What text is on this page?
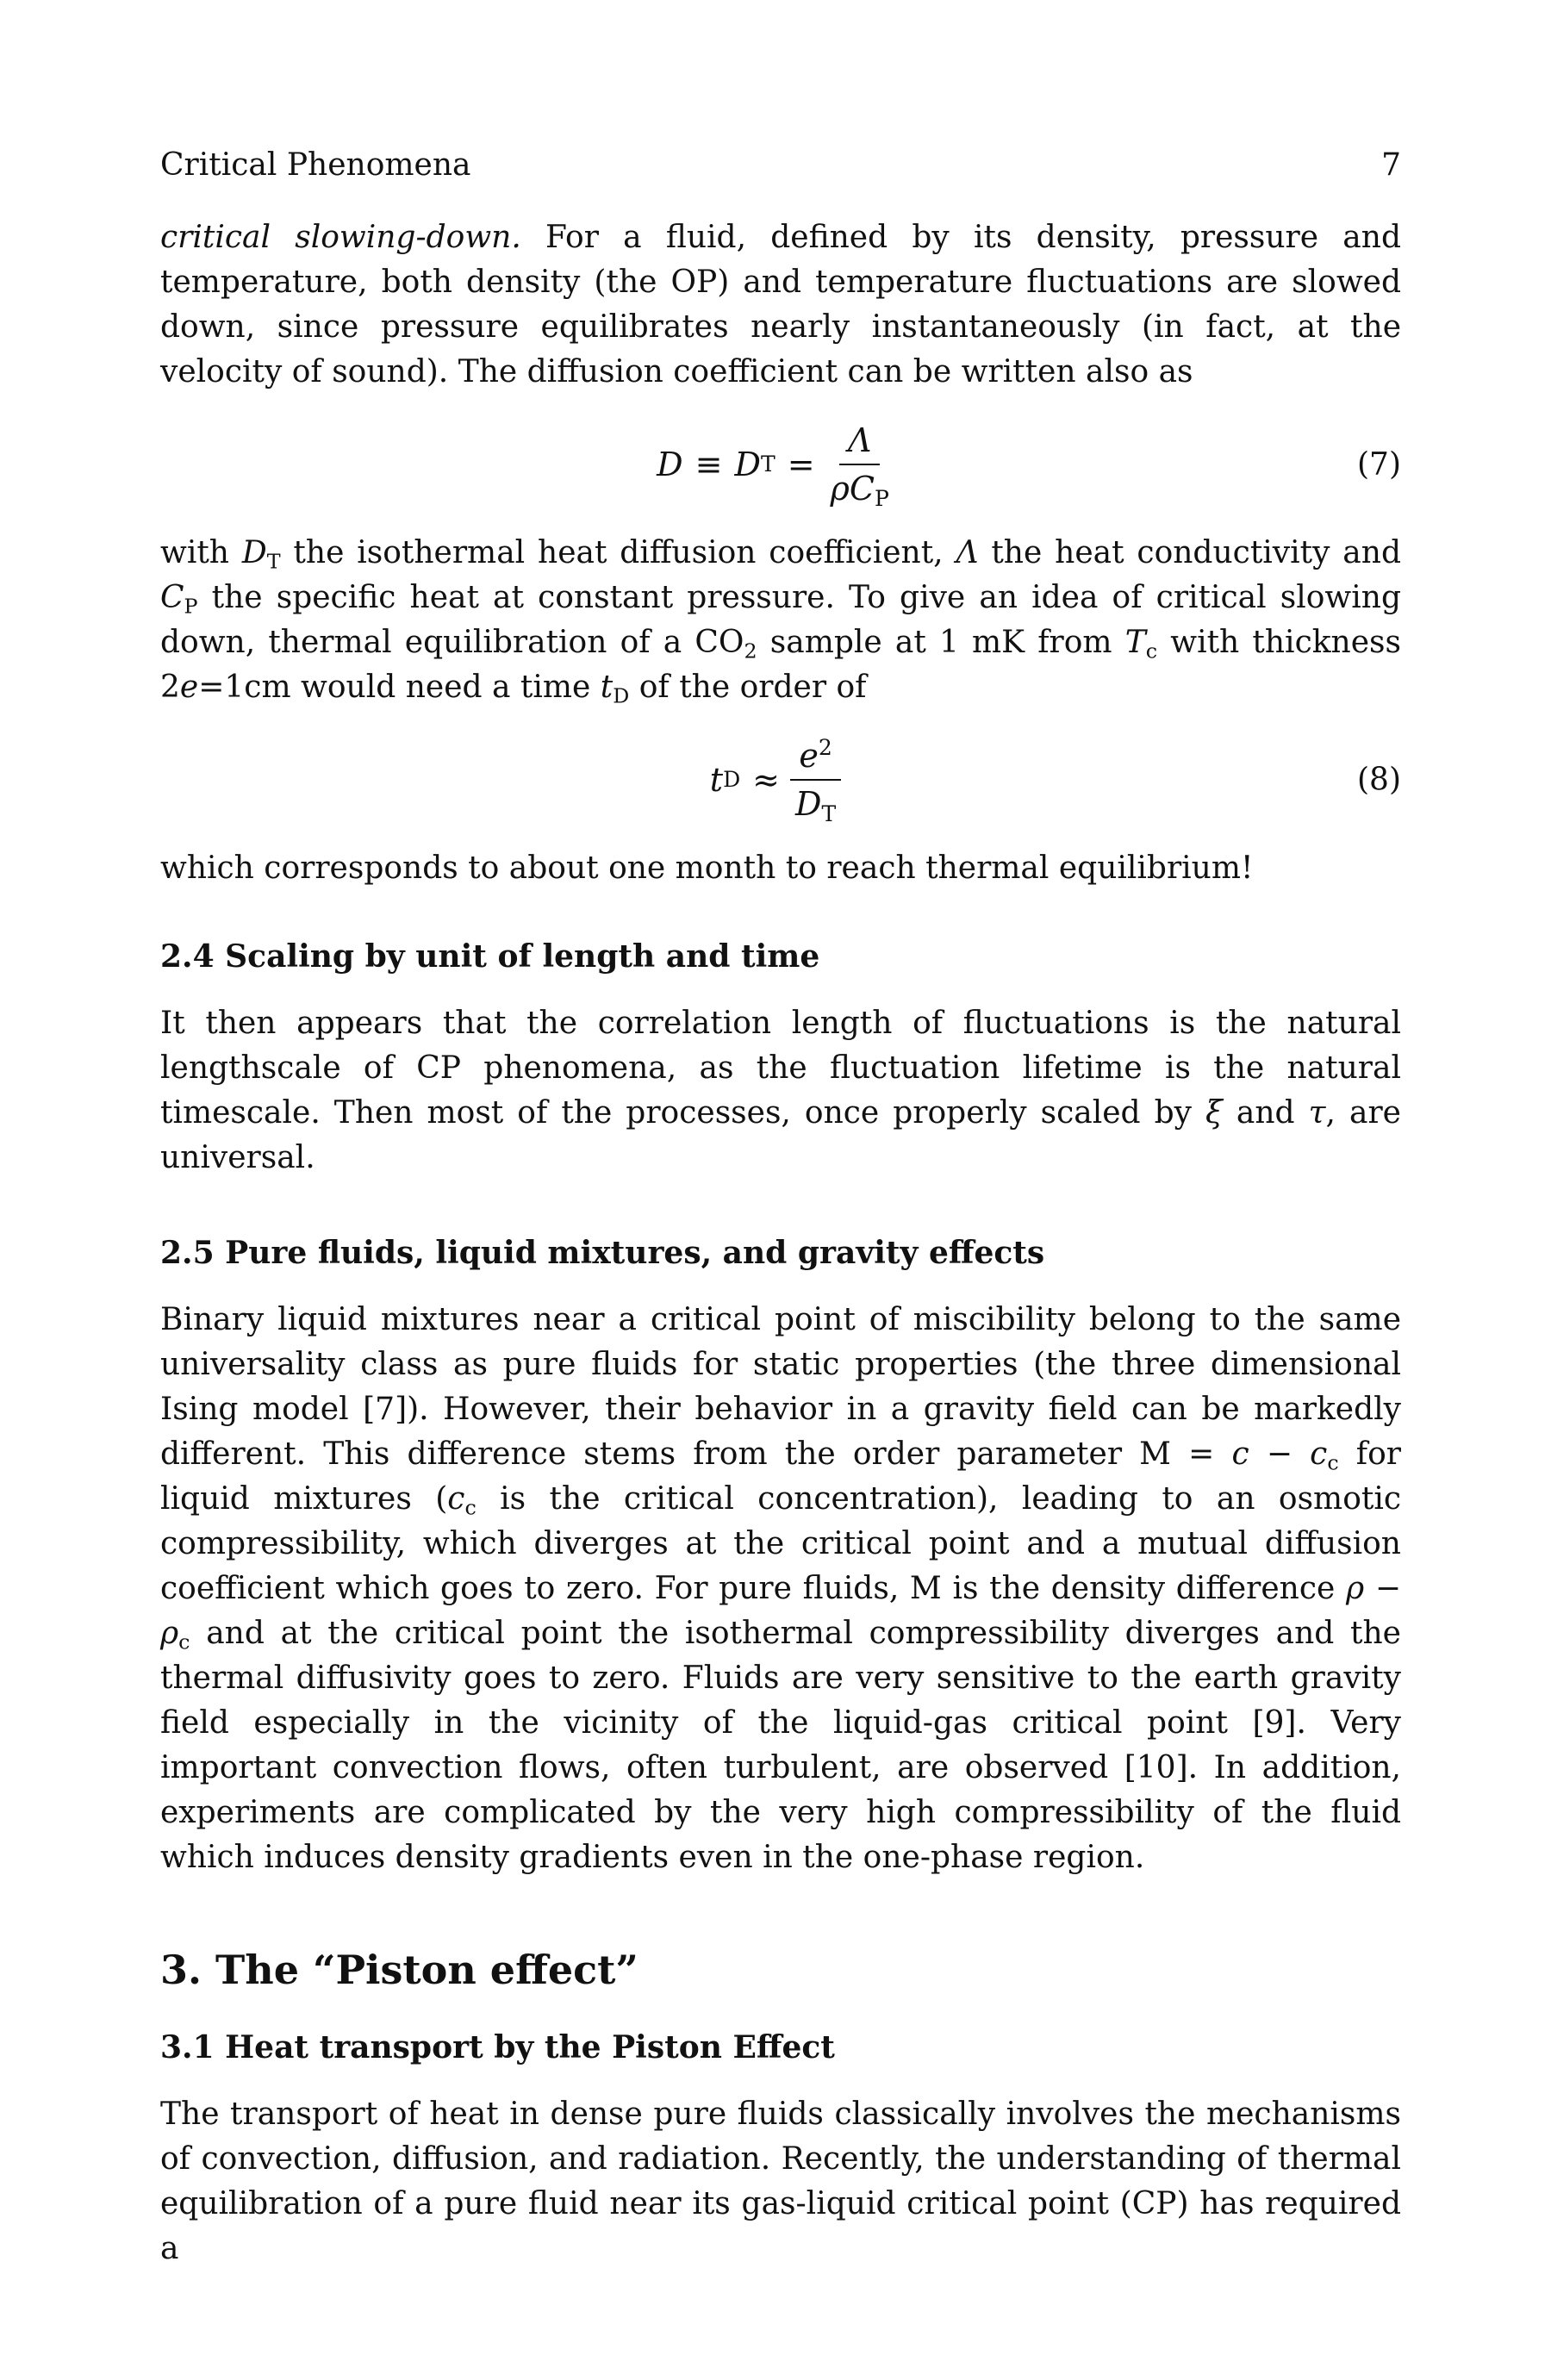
Critical Phenomena	7

critical slowing-down. For a fluid, defined by its density, pressure and temperature, both density (the OP) and temperature fluctuations are slowed down, since pressure equilibrates nearly instantaneously (in fact, at the velocity of sound). The diffusion coefficient can be written also as

D ≡ D $T = \frac{\Lambda}{\rho C_P}$	(7)

with $D_T$ the isothermal heat diffusion coefficient, Λ the heat conductivity and $C_P$ the specific heat at constant pressure. To give an idea of critical slowing down, thermal equilibration of a $CO_2$ sample at 1 mK from $T_c$ with thickness 2e=1cm would need a time $t_D$ of the order of

t $D \approx \frac{e^2}{D_T}$	(8)

which corresponds to about one month to reach thermal equilibrium!

2.4 Scaling by unit of length and time

It then appears that the correlation length of fluctuations is the natural lengthscale of CP phenomena, as the fluctuation lifetime is the natural timescale. Then most of the processes, once properly scaled by ξ and τ, are universal.

2.5 Pure fluids, liquid mixtures, and gravity effects

Binary liquid mixtures near a critical point of miscibility belong to the same universality class as pure fluids for static properties (the three dimensional Ising model [7]). However, their behavior in a gravity field can be markedly different. This difference stems from the order parameter $M = c - c_c$ for liquid mixtures ($c_c$ is the critical concentration), leading to an osmotic compressibility, which diverges at the critical point and a mutual diffusion coefficient which goes to zero. For pure fluids, M is the density difference $\rho - \rho_c$ and at the critical point the isothermal compressibility diverges and the thermal diffusivity goes to zero. Fluids are very sensitive to the earth gravity field especially in the vicinity of the liquid-gas critical point [9]. Very important convection flows, often turbulent, are observed [10]. In addition, experiments are complicated by the very high compressibility of the fluid which induces density gradients even in the one-phase region.

3. The “Piston effect”
3.1 Heat transport by the Piston Effect

The transport of heat in dense pure fluids classically involves the mechanisms of convection, diffusion, and radiation. Recently, the understanding of thermal equilibration of a pure fluid near its gas-liquid critical point (CP) has required a
